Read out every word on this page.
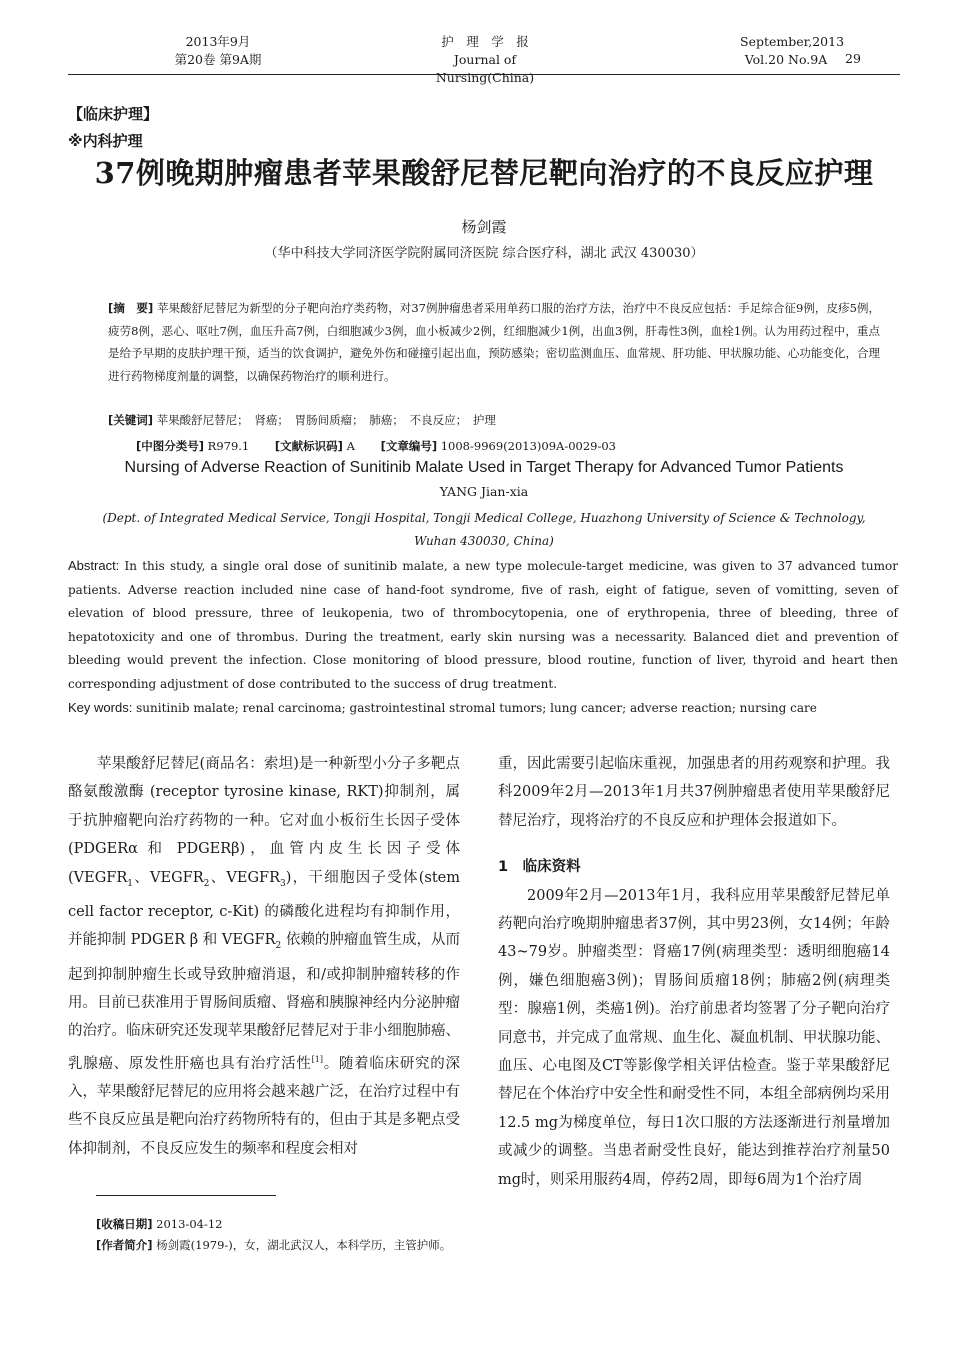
2013年9月
第20卷 第9A期
护　理　学　报
Journal of Nursing(China)
September,2013
Vol.20 No.9A	29
【临床护理】
※内科护理
37例晚期肿瘤患者苹果酸舒尼替尼靶向治疗的不良反应护理
杨剑霞
（华中科技大学同济医学院附属同济医院 综合医疗科，湖北 武汉 430030）
[摘　要] 苹果酸舒尼替尼为新型的分子靶向治疗类药物，对37例肿瘤患者采用单药口服的治疗方法，治疗中不良反应包括：手足综合征9例，皮疹5例，疲劳8例，恶心、呕吐7例，血压升高7例，白细胞减少3例，血小板减少2例，红细胞减少1例，出血3例，肝毒性3例，血栓1例。认为用药过程中，重点是给予早期的皮肤护理干预，适当的饮食调护，避免外伤和碰撞引起出血，预防感染；密切监测血压、血常规、肝功能、甲状腺功能、心功能变化，合理进行药物梯度剂量的调整，以确保药物治疗的顺利进行。
[关键词] 苹果酸舒尼替尼；　肾癌；　胃肠间质瘤；　肺癌；　不良反应；　护理
[中图分类号] R979.1 [文献标识码] A [文章编号] 1008-9969(2013)09A-0029-03
Nursing of Adverse Reaction of Sunitinib Malate Used in Target Therapy for Advanced Tumor Patients
YANG Jian-xia
(Dept. of Integrated Medical Service, Tongji Hospital, Tongji Medical College, Huazhong University of Science & Technology,
Wuhan 430030, China)
Abstract: In this study, a single oral dose of sunitinib malate, a new type molecule-target medicine, was given to 37 advanced tumor patients. Adverse reaction included nine case of hand-foot syndrome, five of rash, eight of fatigue, seven of vomitting, seven of elevation of blood pressure, three of leukopenia, two of thrombocytopenia, one of erythropenia, three of bleeding, three of hepatotoxicity and one of thrombus. During the treatment, early skin nursing was a necessarity. Balanced diet and prevention of bleeding would prevent the infection. Close monitoring of blood pressure, blood routine, function of liver, thyroid and heart then corresponding adjustment of dose contributed to the success of drug treatment.
Key words: sunitinib malate; renal carcinoma; gastrointestinal stromal tumors; lung cancer; adverse reaction; nursing care

苹果酸舒尼替尼(商品名：索坦)是一种新型小分子多靶点酪氨酸激酶 (receptor tyrosine kinase, RKT)抑制剂，属于抗肿瘤靶向治疗药物的一种。它对血小板衍生长因子受体 (PDGERα 和 PDGERβ)，血管内皮生长因子受体($VEGFR_1$、$VEGFR_2$、$VEGFR_3$)，干细胞因子受体(stem cell factor receptor, c-Kit) 的磷酸化进程均有抑制作用，并能抑制 PDGER β 和 $VEGFR_2$ 依赖的肿瘤血管生成，从而起到抑制肿瘤生长或导致肿瘤消退，和/或抑制肿瘤转移的作用。目前已获准用于胃肠间质瘤、肾癌和胰腺神经内分泌肿瘤的治疗。临床研究还发现苹果酸舒尼替尼对于非小细胞肺癌、乳腺癌、原发性肝癌也具有治疗活性[1]。随着临床研究的深入，苹果酸舒尼替尼的应用将会越来越广泛，在治疗过程中有些不良反应虽是靶向治疗药物所特有的，但由于其是多靶点受体抑制剂，不良反应发生的频率和程度会相对

[收稿日期] 2013-04-12
[作者简介] 杨剑霞(1979-)，女，湖北武汉人，本科学历，主管护师。

重，因此需要引起临床重视，加强患者的用药观察和护理。我科2009年2月—2013年1月共37例肿瘤患者使用苹果酸舒尼替尼治疗，现将治疗的不良反应和护理体会报道如下。

1　临床资料

2009年2月—2013年1月，我科应用苹果酸舒尼替尼单药靶向治疗晚期肿瘤患者37例，其中男23例，女14例；年龄43~79岁。肿瘤类型：肾癌17例(病理类型：透明细胞癌14例，嫌色细胞癌3例)；胃肠间质瘤18例；肺癌2例(病理类型：腺癌1例，类癌1例)。治疗前患者均签署了分子靶向治疗同意书，并完成了血常规、血生化、凝血机制、甲状腺功能、血压、心电图及CT等影像学相关评估检查。鉴于苹果酸舒尼替尼在个体治疗中安全性和耐受性不同，本组全部病例均采用12.5 mg为梯度单位，每日1次口服的方法逐渐进行剂量增加或减少的调整。当患者耐受性良好，能达到推荐治疗剂量50 mg时，则采用服药4周，停药2周，即每6周为1个治疗周
